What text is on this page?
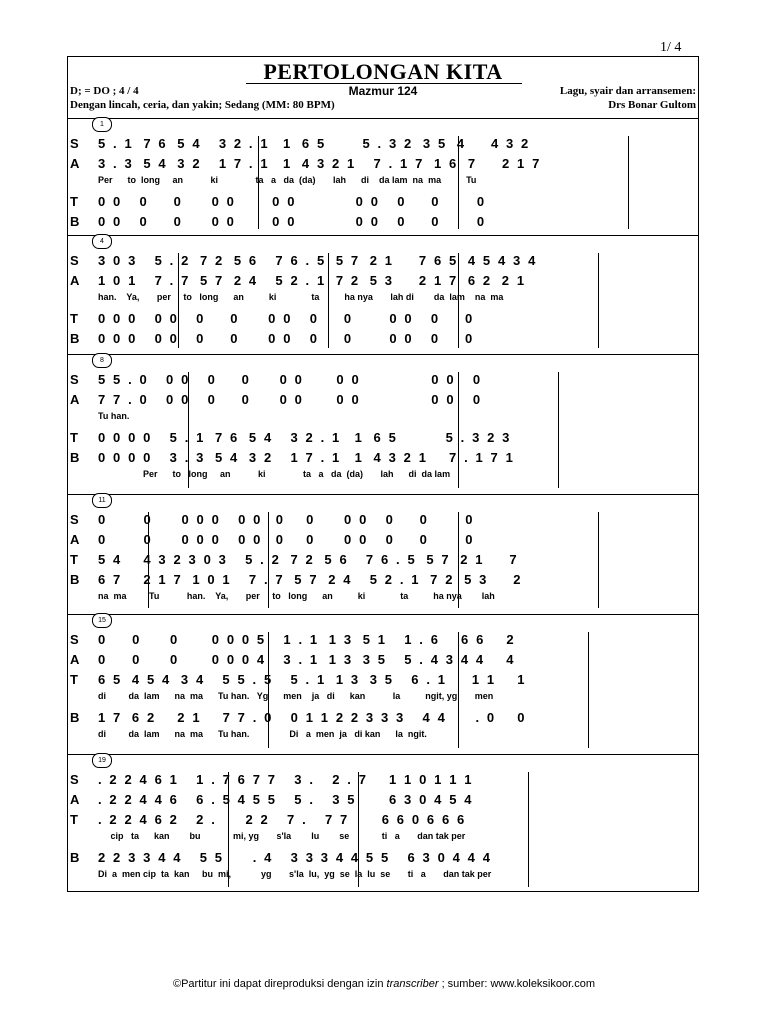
1/ 4
PERTOLONGAN KITA
Mazmur 124
D; = DO ; 4 / 4
Dengan lincah, ceria, dan yakin; Sedang (MM: 80 BPM)
Lagu, syair dan arransemen:
Drs Bonar Gultom
1
S 5  .  1   7  6   5  4     3  2  .  1    1   6  5          5  .  3  2   3  5   4       4  3  2
A 3  .  3   5  4   3  2     1  7  .  1    1   4  3  2  1     7  .  1  7   1  6   7       2  1  7
Per      to  long     an           ki               ta   a   da  (da)       lah      di    da lam  na  ma          Tu
T 0  0     0       0        0  0          0  0                0  0     0       0          0
B 0  0     0       0        0  0          0  0                0  0     0       0          0
4
S 3  0  3     5  .  2   7  2   5  6     7  6  .  5   5  7   2  1       7  6  5   4  5  4  3  4
A 1  0  1     7  .  7   5  7   2  4     5  2  .  1   7  2   5  3       2  1  7   6  2   2  1
han.    Ya,       per     to   long      an          ki              ta          ha nya       lah di        da  lam    na  ma
T 0  0  0     0  0     0       0        0  0     0       0          0  0     0       0
B 0  0  0     0  0     0       0        0  0     0       0          0  0     0       0
8
S 5  5  .  0     0  0     0       0        0  0         0  0                   0  0     0
A 7  7  .  0     0  0     0       0        0  0         0  0                   0  0     0
Tu han.
T 0  0  0  0     5  .  1   7  6   5  4     3  2  .  1    1   6  5             5  .  3  2  3
B 0  0  0  0     3  .  3   5  4   3  2     1  7  .  1    1   4  3  2  1      7  .  1  7  1
Per      to   long     an           ki               ta   a   da  (da)       lah      di  da lam
11
S 0          0        0  0  0     0  0    0      0        0  0     0       0          0
A 0          0        0  0  0     0  0    0      0        0  0     0       0          0
T 5  4      4  3  2  3  0  3     5  .  2   7  2   5  6     7  6  .  5   5  7   2  1       7
B 6  7      2  1  7   1  0  1     7  .  7   5  7   2  4     5  2  .  1   7  2   5  3       2
na  ma         Tu           han.    Ya,       per     to   long      an          ki              ta          ha nya        lah
15
S 0       0        0         0  0  0  5     1  .  1   1  3   5  1     1  .  6      6  6      2
A 0       0        0         0  0  0  4     3  .  1   1  3   3  5     5  .  4  3  4  4      4
T 6  5   4  5  4   3  4     5  5  .  5     5  .  1   1  3   3  5     6  .  1       1  1      1
di         da  lam      na  ma      Tu han.   Yg      men    ja   di      kan           la          ngit, yg       men
B 1  7   6  2      2  1      7  7  .  0     0  1  1  2  2  3  3  3     4  4        .  0      0
di         da  lam      na  ma      Tu han.                Di   a  men  ja   di kan      la  ngit.
19
S .  2  2  4  6  1     1  .  7  6  7  7     3  .     2  .  7      1  1  0  1  1  1
A .  2  2  4  4  6     6  .  5  4  5  5     5  .     3  5         6  3  0  4  5  4
T .  2  2  4  6  2     2  .        2  2     7  .     7  7         6  6  0  6  6  6
cip   ta      kan        bu             mi, yg       s'la        lu        se             ti   a       dan tak per
B 2  2  3  3  4  4     5  5        .  4     3  3  3  4  4  5  5     6  3  0  4  4  4
Di  a  men cip  ta  kan     bu  mi,            yg       s'la  lu,  yg  se  la  lu  se       ti   a       dan tak per
©Partitur ini dapat direproduksi dengan izin transcriber ; sumber: www.koleksikoor.com
